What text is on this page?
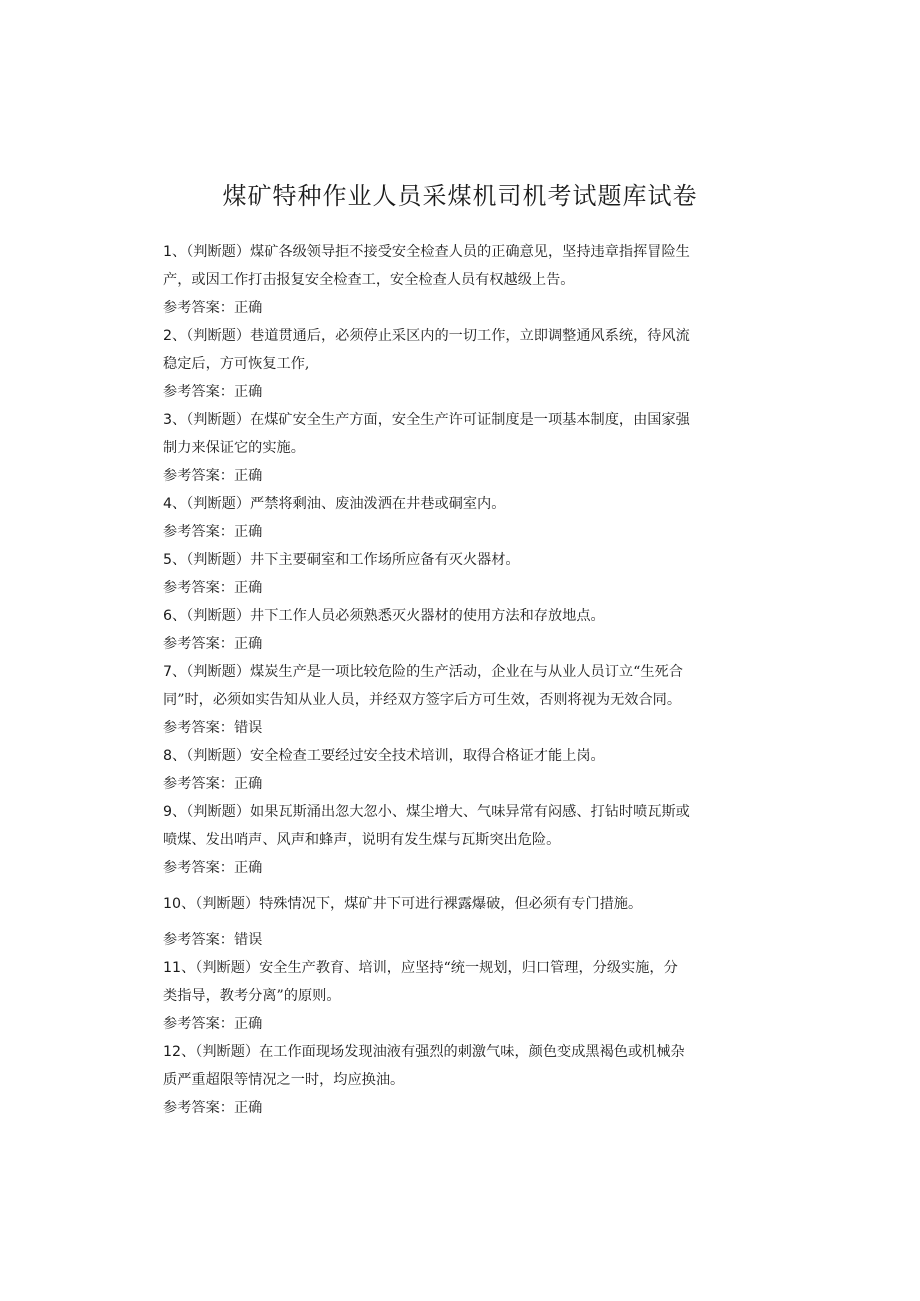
煤矿特种作业人员采煤机司机考试题库试卷
1、（判断题）煤矿各级领导拒不接受安全检查人员的正确意见，坚持违章指挥冒险生
产，或因工作打击报复安全检查工，安全检查人员有权越级上告。
参考答案：正确
2、（判断题）巷道贯通后，必须停止采区内的一切工作，立即调整通风系统，待风流
稳定后，方可恢复工作,
参考答案：正确
3、（判断题）在煤矿安全生产方面，安全生产许可证制度是一项基本制度，由国家强
制力来保证它的实施。
参考答案：正确
4、（判断题）严禁将剩油、废油泼洒在井巷或硐室内。
参考答案：正确
5、（判断题）井下主要硐室和工作场所应备有灭火器材。
参考答案：正确
6、（判断题）井下工作人员必须熟悉灭火器材的使用方法和存放地点。
参考答案：正确
7、（判断题）煤炭生产是一项比较危险的生产活动，企业在与从业人员订立“生死合
同”时，必须如实告知从业人员，并经双方签字后方可生效，否则将视为无效合同。
参考答案：错误
8、（判断题）安全检查工要经过安全技术培训，取得合格证才能上岗。
参考答案：正确
9、（判断题）如果瓦斯涌出忽大忽小、煤尘增大、气味异常有闷感、打钻时喷瓦斯或
喷煤、发出哨声、风声和蜂声，说明有发生煤与瓦斯突出危险。
参考答案：正确
10、（判断题）特殊情况下，煤矿井下可进行裸露爆破，但必须有专门措施。
参考答案：错误
11、（判断题）安全生产教育、培训，应坚持“统一规划，归口管理，分级实施，分
类指导，教考分离”的原则。
参考答案：正确
12、（判断题）在工作面现场发现油液有强烈的刺激气味，颜色变成黑褐色或机械杂
质严重超限等情况之一时，均应换油。
参考答案：正确
